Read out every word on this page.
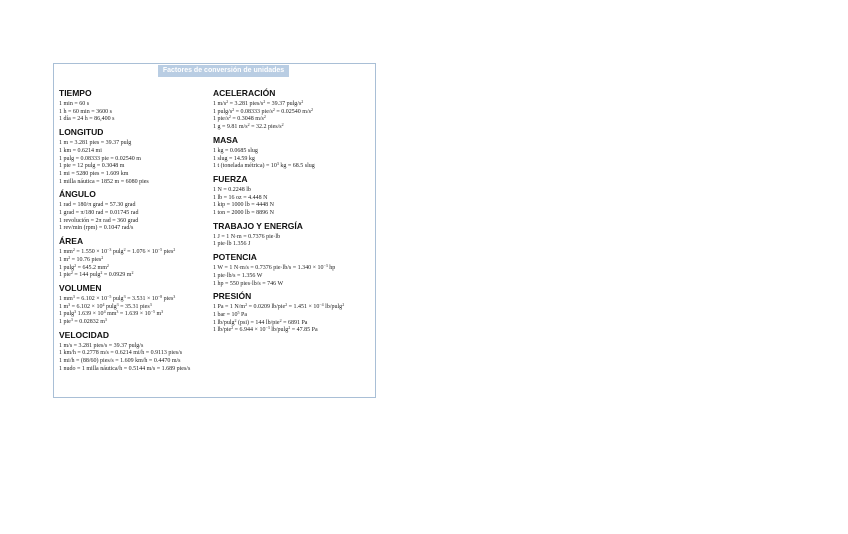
Factores de conversión de unidades
TIEMPO
1 min = 60 s
1 h = 60 min = 3600 s
1 día = 24 h = 86,400 s
LONGITUD
1 m = 3.281 pies = 39.37 pulg
1 km = 0.6214 mi
1 pulg = 0.08333 pie = 0.02540 m
1 pie = 12 pulg = 0.3048 m
1 mi = 5280 pies = 1.609 km
1 milla náutica = 1852 m = 6080 pies
ÁNGULO
1 rad = 180/π grad = 57.30 grad
1 grad = π/180 rad = 0.01745 rad
1 revolución = 2π rad = 360 grad
1 rev/min (rpm) = 0.1047 rad/s
ÁREA
1 $mm^2 = 1.550 \times 10^{-3}$ $pulg^2 = 1.076 \times 10^{-5}$ pies$^2$
1 $m^2 = 10.76$ pies$^2$
1 pulg$^2$ = 645.2 $mm^2$
1 pie$^2$ = 144 pulg$^2$ = 0.0929 $m^2$
VOLUMEN
1 $mm^3 = 6.102 \times 10^{-5}$ $pulg^3 = 3.531 \times 10^{-8}$ pies$^3$
1 $m^3 = 6.102 \times 10^4$ pulg$^3$ = 35.31 pies$^3$
1 pulg$^3$ $1.639 \times 10^4$ $mm^3 = 1.639 \times 10^{-5}$ $m^3$
1 pie$^3$ = 0.02832 $m^3$
VELOCIDAD
1 m/s = 3.281 pies/s = 39.37 pulg/s
1 km/h = 0.2778 m/s = 0.6214 mi/h = 0.9113 pies/s
1 mi/h = (88/60) pies/s = 1.609 km/h = 0.4470 m/s
1 nudo = 1 milla náutica/h = 0.5144 m/s = 1.689 pies/s
ACELERACIÓN
1 $m/s^2 = 3.281$ pies/$s^2 = 39.37$ pulg/$s^2$
1 pulg/$s^2 = 0.08333$ pie/$s^2 = 0.02540$ $m/s^2$
1 pie/$s^2 = 0.3048$ $m/s^2$
1 g = 9.81 $m/s^2 = 32.2$ pies/$s^2$
MASA
1 kg = 0.0685 slug
1 slug = 14.59 kg
1 t (tonelada métrica) = $10^3$ kg = 68.5 slug
FUERZA
1 N = 0.2248 lb
1 lb = 16 oz = 4.448 N
1 kip = 1000 lb = 4448 N
1 ton = 2000 lb = 8896 N
TRABAJO Y ENERGÍA
1 J = 1 N·m = 0.7376 pie·lb
1 pie·lb 1.356 J
POTENCIA
1 W = 1 N·m/s = 0.7376 $pie\cdot lb/s = 1.340 \times 10^{-3}$ hp
1 pie·lb/s = 1.356 W
1 hp = 550 pies·lb/s = 746 W
PRESIÓN
1 Pa = 1 $N/m^2 = 0.0209$ $lb/pie^2 = 1.451 \times 10^{-4}$ lb/pulg$^2$
1 bar = $10^5$ Pa
1 lb/pulg$^2$ (psi) = 144 lb/pie$^2$ = 6891 Pa
1 $lb/pie^2 = 6.944 \times 10^{-3}$ lb/pulg$^2$ = 47.85 Pa
